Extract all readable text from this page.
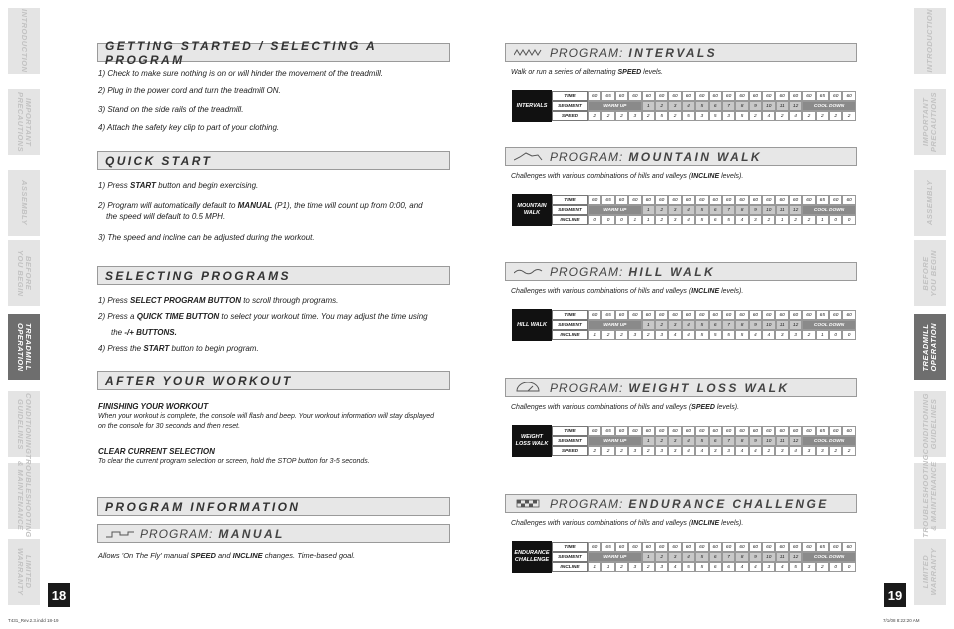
INTRODUCTION
IMPORTANT
PRECAUTIONS
ASSEMBLY
BEFORE
YOU BEGIN
TREADMILL
OPERATION
CONDITIONING
GUIDELINES
TROUBLESHOOTING
& MAINTENANCE
LIMITED
WARRANTY
INTRODUCTION
IMPORTANT
PRECAUTIONS
ASSEMBLY
BEFORE
YOU BEGIN
TREADMILL
OPERATION
CONDITIONING
GUIDELINES
TROUBLESHOOTING
& MAINTENANCE
LIMITED
WARRANTY
18	19
GETTING STARTED / SELECTING A PROGRAM
1) Check to make sure nothing is on or will hinder the movement of the treadmill.
2) Plug in the power cord and turn the treadmill ON.
3) Stand on the side rails of the treadmill.
4) Attach the safety key clip to part of your clothing.
QUICK START
1) Press START button and begin exercising.
2) Program will automatically default to MANUAL (P1), the time will count up from 0:00, and
the speed will default to 0.5 MPH.
3) The speed and incline can be adjusted during the workout.
SELECTING PROGRAMS
1) Press SELECT PROGRAM BUTTON to scroll through programs.
2) Press a QUICK TIME BUTTON to select your workout time. You may adjust the time using
the -/+ BUTTONS.
4) Press the START button to begin program.
AFTER YOUR WORKOUT
FINISHING YOUR WORKOUT
When your workout is complete, the console will flash and beep. Your workout information will stay displayed
on the console for 30 seconds and then reset.
CLEAR CURRENT SELECTION
To clear the current program selection or screen, hold the STOP button for 3-5 seconds.
PROGRAM INFORMATION
PROGRAM: MANUAL
Allows 'On The Fly' manual SPEED and INCLINE changes. Time-based goal.
PROGRAM: INTERVALS
Walk or run a series of alternating SPEED levels.
INTERVALS
TIME	60	65	60	60	60	60	60	60	60	60	60	60	60	60	60	60	60	65	60	60
SEGMENT	WARM UP	1	2	3	4	5	6	7	8	9	10	11	12	COOL DOWN
SPEED	2	2	2	3	2	5	2	5	3	5	3	5	2	4	2	4	2	2	2	2
PROGRAM: MOUNTAIN WALK
Challenges with various combinations of hills and valleys (INCLINE levels).
MOUNTAIN
WALK
TIME	60	65	60	60	60	60	60	60	60	60	60	60	60	60	60	60	60	65	60	60
SEGMENT	WARM UP	1	2	3	4	5	6	7	8	9	10	11	12	COOL DOWN
INCLINE	0	0	0	1	1	2	3	4	5	6	5	4	3	2	1	2	2	1	0	0
PROGRAM: HILL WALK
Challenges with various combinations of hills and valleys (INCLINE levels).
HILL WALK
TIME	60	65	60	60	60	60	60	60	60	60	60	60	60	60	60	60	60	65	60	60
SEGMENT	WARM UP	1	2	3	4	5	6	7	8	9	10	11	12	COOL DOWN
INCLINE	1	2	2	3	2	3	4	4	5	5	5	5	4	4	3	3	2	1	0	0
PROGRAM: WEIGHT LOSS WALK
Challenges with various combinations of hills and valleys (SPEED levels).
WEIGHT
LOSS WALK
TIME	60	65	60	60	60	60	60	60	60	60	60	60	60	60	60	60	60	65	60	60
SEGMENT	WARM UP	1	2	3	4	5	6	7	8	9	10	11	12	COOL DOWN
SPEED	2	2	2	3	2	3	3	4	4	3	3	4	4	2	3	4	3	3	2	2
PROGRAM: ENDURANCE CHALLENGE
Challenges with various combinations of hills and valleys (INCLINE levels).
ENDURANCE
CHALLENGE
TIME	60	65	60	60	60	60	60	60	60	60	60	60	60	60	60	60	60	65	60	60
SEGMENT	WARM UP	1	2	3	4	5	6	7	8	9	10	11	12	COOL DOWN
INCLINE	1	1	2	3	2	3	4	5	5	6	6	4	4	3	4	5	3	2	0	0
T431_Rev.2.3.indd 18-19	7/1/08 8:22:20 AM
